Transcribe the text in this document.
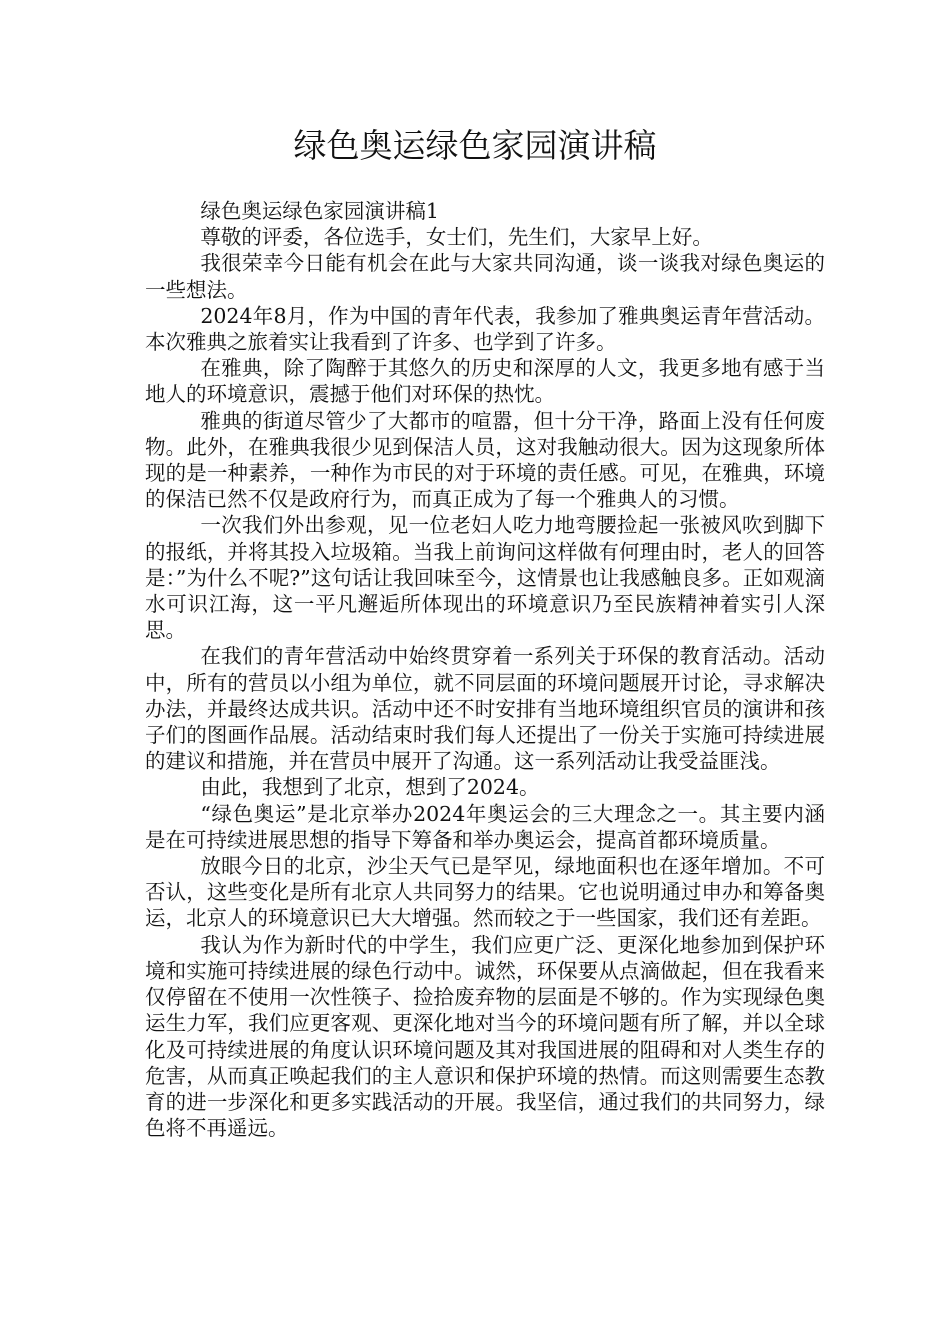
绿色奥运绿色家园演讲稿

绿色奥运绿色家园演讲稿1

尊敬的评委，各位选手，女士们，先生们，大家早上好。

我很荣幸今日能有机会在此与大家共同沟通，谈一谈我对绿色奥运的一些想法。

2024年8月，作为中国的青年代表，我参加了雅典奥运青年营活动。本次雅典之旅着实让我看到了许多、也学到了许多。

在雅典，除了陶醉于其悠久的历史和深厚的人文，我更多地有感于当地人的环境意识，震撼于他们对环保的热忱。

雅典的街道尽管少了大都市的喧嚣，但十分干净，路面上没有任何废物。此外，在雅典我很少见到保洁人员，这对我触动很大。因为这现象所体现的是一种素养，一种作为市民的对于环境的责任感。可见，在雅典，环境的保洁已然不仅是政府行为，而真正成为了每一个雅典人的习惯。

一次我们外出参观，见一位老妇人吃力地弯腰捡起一张被风吹到脚下的报纸，并将其投入垃圾箱。当我上前询问这样做有何理由时，老人的回答是：”为什么不呢?”这句话让我回味至今，这情景也让我感触良多。正如观滴水可识江海，这一平凡邂逅所体现出的环境意识乃至民族精神着实引人深思。

在我们的青年营活动中始终贯穿着一系列关于环保的教育活动。活动中，所有的营员以小组为单位，就不同层面的环境问题展开讨论，寻求解决办法，并最终达成共识。活动中还不时安排有当地环境组织官员的演讲和孩子们的图画作品展。活动结束时我们每人还提出了一份关于实施可持续进展的建议和措施，并在营员中展开了沟通。这一系列活动让我受益匪浅。

由此，我想到了北京，想到了2024。

“绿色奥运”是北京举办2024年奥运会的三大理念之一。其主要内涵是在可持续进展思想的指导下筹备和举办奥运会，提高首都环境质量。

放眼今日的北京，沙尘天气已是罕见，绿地面积也在逐年增加。不可否认，这些变化是所有北京人共同努力的结果。它也说明通过申办和筹备奥运，北京人的环境意识已大大增强。然而较之于一些国家，我们还有差距。

我认为作为新时代的中学生，我们应更广泛、更深化地参加到保护环境和实施可持续进展的绿色行动中。诚然，环保要从点滴做起，但在我看来仅停留在不使用一次性筷子、捡拾废弃物的层面是不够的。作为实现绿色奥运生力军，我们应更客观、更深化地对当今的环境问题有所了解，并以全球化及可持续进展的角度认识环境问题及其对我国进展的阻碍和对人类生存的危害，从而真正唤起我们的主人意识和保护环境的热情。而这则需要生态教育的进一步深化和更多实践活动的开展。我坚信，通过我们的共同努力，绿色将不再遥远。
